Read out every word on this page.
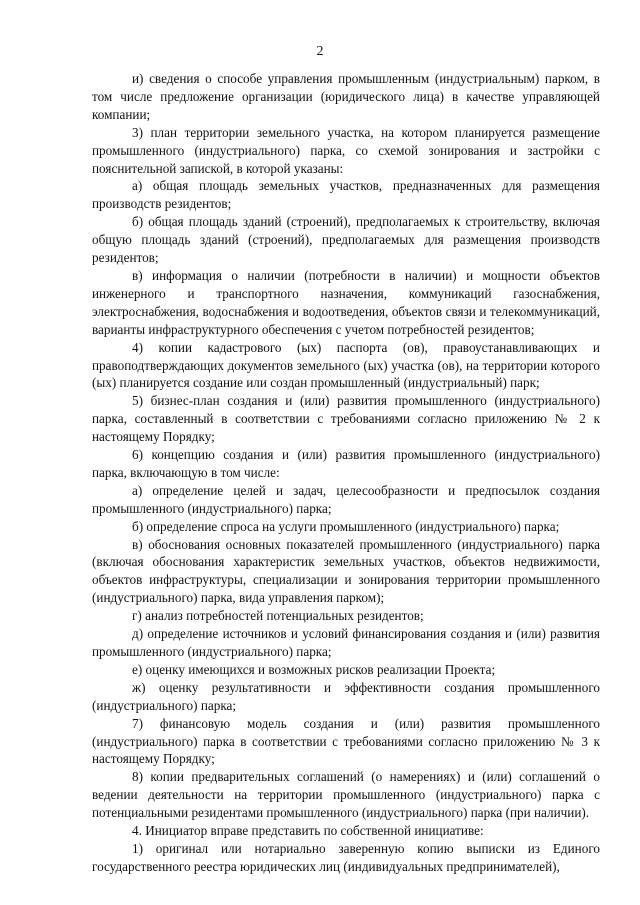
2

и) сведения о способе управления промышленным (индустриальным) парком, в том числе предложение организации (юридического лица) в качестве управляющей компании;

3) план территории земельного участка, на котором планируется размещение промышленного (индустриального) парка, со схемой зонирования и застройки с пояснительной запиской, в которой указаны:

а) общая площадь земельных участков, предназначенных для размещения производств резидентов;

б) общая площадь зданий (строений), предполагаемых к строительству, включая общую площадь зданий (строений), предполагаемых для размещения производств резидентов;

в) информация о наличии (потребности в наличии) и мощности объектов инженерного и транспортного назначения, коммуникаций газоснабжения, электроснабжения, водоснабжения и водоотведения, объектов связи и телекоммуникаций, варианты инфраструктурного обеспечения с учетом потребностей резидентов;

4) копии кадастрового (ых) паспорта (ов), правоустанавливающих и правоподтверждающих документов земельного (ых) участка (ов), на территории которого (ых) планируется создание или создан промышленный (индустриальный) парк;

5) бизнес-план создания и (или) развития промышленного (индустриального) парка, составленный в соответствии с требованиями согласно приложению № 2 к настоящему Порядку;

6) концепцию создания и (или) развития промышленного (индустриального) парка, включающую в том числе:

а) определение целей и задач, целесообразности и предпосылок создания промышленного (индустриального) парка;

б) определение спроса на услуги промышленного (индустриального) парка;

в) обоснования основных показателей промышленного (индустриального) парка (включая обоснования характеристик земельных участков, объектов недвижимости, объектов инфраструктуры, специализации и зонирования территории промышленного (индустриального) парка, вида управления парком);

г) анализ потребностей потенциальных резидентов;

д) определение источников и условий финансирования создания и (или) развития промышленного (индустриального) парка;

е) оценку имеющихся и возможных рисков реализации Проекта;

ж) оценку результативности и эффективности создания промышленного (индустриального) парка;

7) финансовую модель создания и (или) развития промышленного (индустриального) парка в соответствии с требованиями согласно приложению № 3 к настоящему Порядку;

8) копии предварительных соглашений (о намерениях) и (или) соглашений о ведении деятельности на территории промышленного (индустриального) парка с потенциальными резидентами промышленного (индустриального) парка (при наличии).

4. Инициатор вправе представить по собственной инициативе:

1) оригинал или нотариально заверенную копию выписки из Единого государственного реестра юридических лиц (индивидуальных предпринимателей),
